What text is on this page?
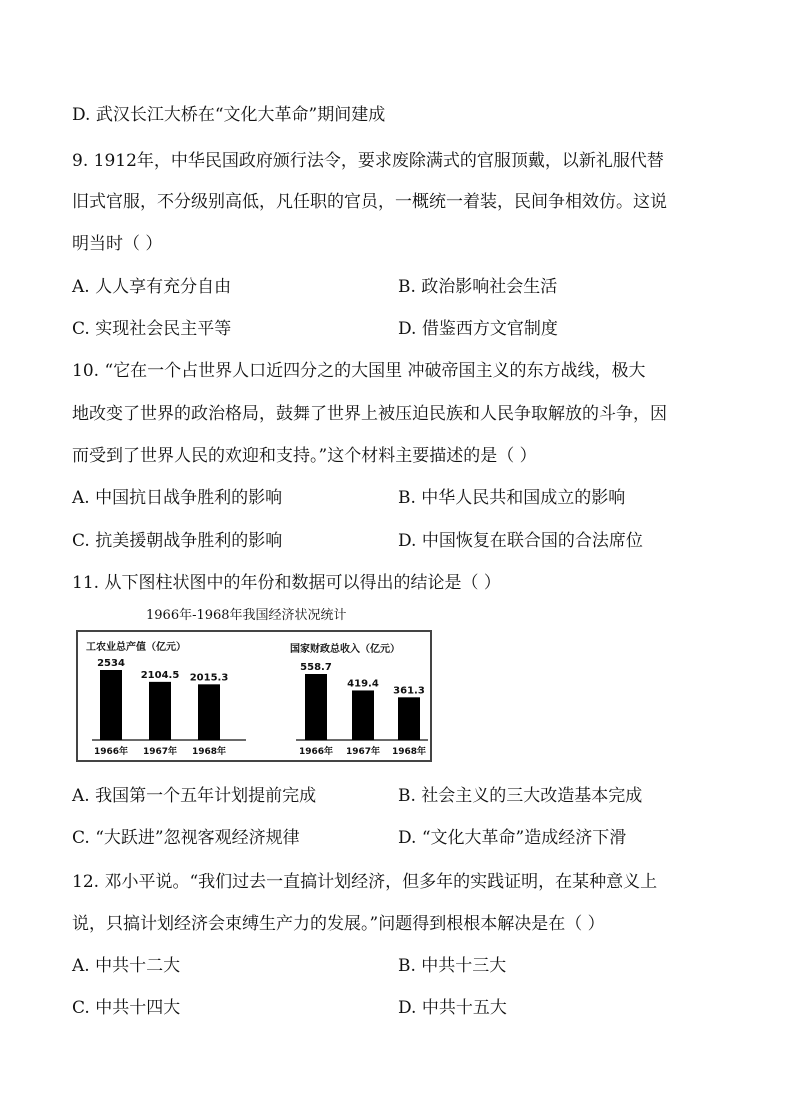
D. 武汉长江大桥在“文化大革命”期间建成
9. 1912年，中华民国政府颁行法令，要求废除满式的官服顶戴，以新礼服代替
旧式官服，不分级别高低，凡任职的官员，一概统一着装，民间争相效仿。这说
明当时（ ）
A. 人人享有充分自由	B. 政治影响社会生活
C. 实现社会民主平等	D. 借鉴西方文官制度
10. “它在一个占世界人口近四分之的大国里 冲破帝国主义的东方战线，极大
地改变了世界的政治格局，鼓舞了世界上被压迫民族和人民争取解放的斗争，因
而受到了世界人民的欢迎和支持。”这个材料主要描述的是（ ）
A. 中国抗日战争胜利的影响	B. 中华人民共和国成立的影响
C. 抗美援朝战争胜利的影响	D. 中国恢复在联合国的合法席位
11. 从下图柱状图中的年份和数据可以得出的结论是（ ）
1966年-1968年我国经济状况统计
工农业总产值（亿元）
2534
1966年
2104.5
1967年
2015.3
1968年
国家财政总收入（亿元）
558.7
1966年
419.4
1967年
361.3
1968年
A. 我国第一个五年计划提前完成	B. 社会主义的三大改造基本完成
C. “大跃进”忽视客观经济规律	D. “文化大革命”造成经济下滑
12. 邓小平说。“我们过去一直搞计划经济，但多年的实践证明，在某种意义上
说，只搞计划经济会束缚生产力的发展。”问题得到根根本解决是在（ ）
A. 中共十二大	B. 中共十三大
C. 中共十四大	D. 中共十五大
